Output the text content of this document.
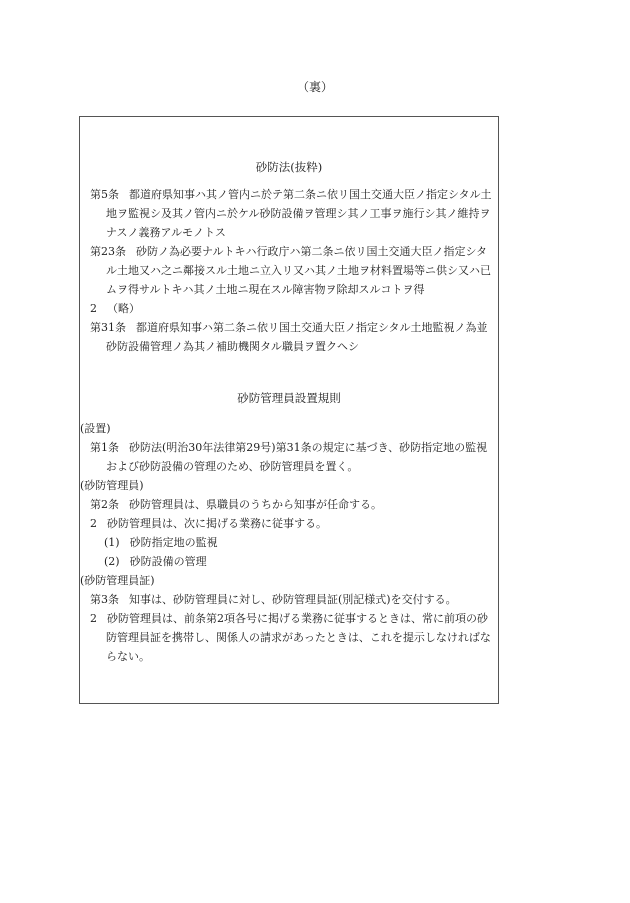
（裏）
砂防法(抜粋)

第5条 都道府県知事ハ其ノ管内ニ於テ第二条ニ依リ国土交通大臣ノ指定シタル土地ヲ監視シ及其ノ管内ニ於ケル砂防設備ヲ管理シ其ノ工事ヲ施行シ其ノ維持ヲナスノ義務アルモノトス

第23条 砂防ノ為必要ナルトキハ行政庁ハ第二条ニ依リ国土交通大臣ノ指定シタル土地又ハ之ニ鄰接スル土地ニ立入リ又ハ其ノ土地ヲ材料置場等ニ供シ又ハ已ムヲ得サルトキハ其ノ土地ニ現在スル障害物ヲ除却スルコトヲ得

2 （略）

第31条 都道府県知事ハ第二条ニ依リ国土交通大臣ノ指定シタル土地監視ノ為並砂防設備管理ノ為其ノ補助機関タル職員ヲ置クヘシ

砂防管理員設置規則

(設置)

第1条 砂防法(明治30年法律第29号)第31条の規定に基づき、砂防指定地の監視および砂防設備の管理のため、砂防管理員を置く。

(砂防管理員)

第2条 砂防管理員は、県職員のうちから知事が任命する。

2 砂防管理員は、次に掲げる業務に従事する。

(1) 砂防指定地の監視

(2) 砂防設備の管理

(砂防管理員証)

第3条 知事は、砂防管理員に対し、砂防管理員証(別記様式)を交付する。

2 砂防管理員は、前条第2項各号に掲げる業務に従事するときは、常に前項の砂防管理員証を携帯し、関係人の請求があったときは、これを提示しなければならない。
